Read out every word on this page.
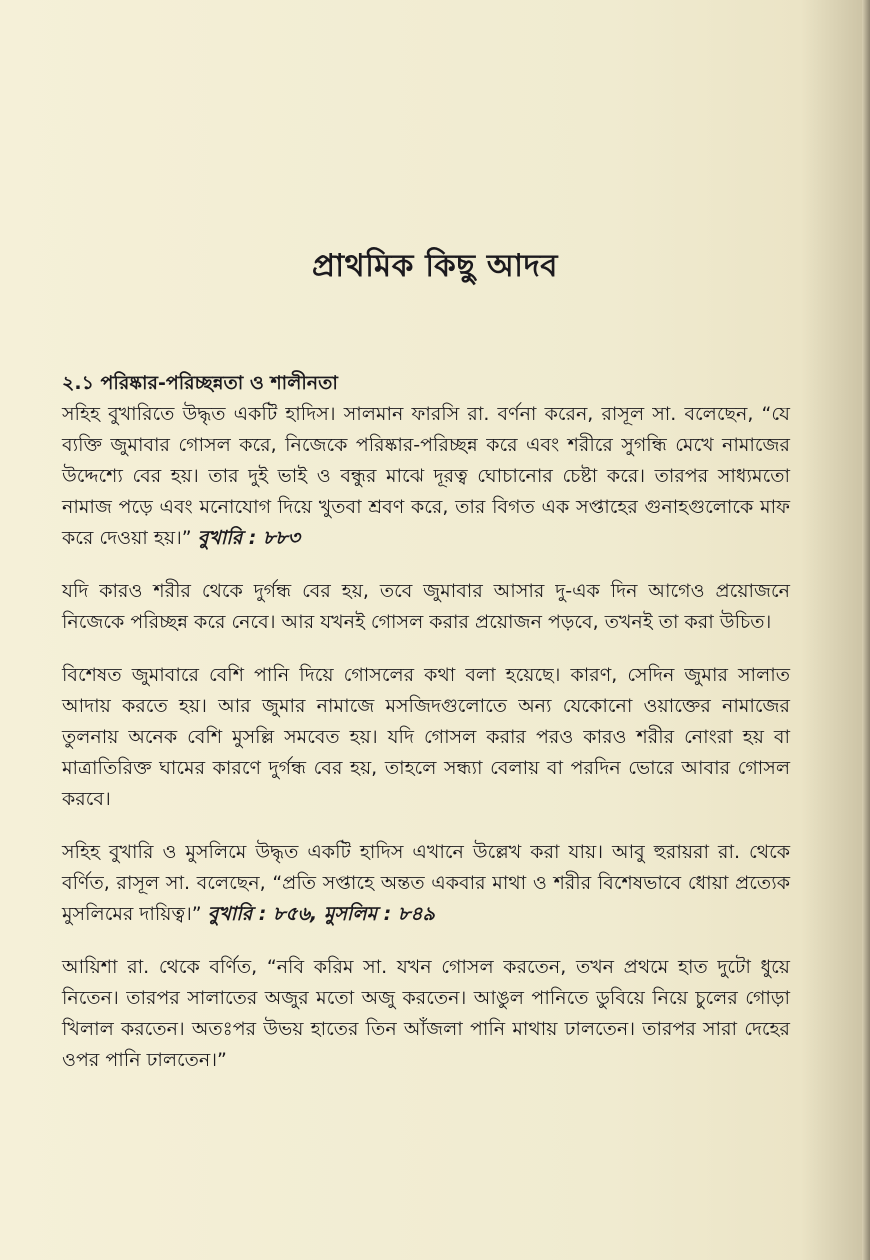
প্রাথমিক কিছু আদব

২.১ পরিষ্কার-পরিচ্ছন্নতা ও শালীনতা

সহিহ বুখারিতে উদ্ধৃত একটি হাদিস। সালমান ফারসি রা. বর্ণনা করেন, রাসূল সা. বলেছেন, “যে ব্যক্তি জুমাবার গোসল করে, নিজেকে পরিষ্কার-পরিচ্ছন্ন করে এবং শরীরে সুগন্ধি মেখে নামাজের উদ্দেশ্যে বের হয়। তার দুই ভাই ও বন্ধুর মাঝে দূরত্ব ঘোচানোর চেষ্টা করে। তারপর সাধ্যমতো নামাজ পড়ে এবং মনোযোগ দিয়ে খুতবা শ্রবণ করে, তার বিগত এক সপ্তাহের গুনাহগুলোকে মাফ করে দেওয়া হয়।” বুখারি : ৮৮৩

যদি কারও শরীর থেকে দুর্গন্ধ বের হয়, তবে জুমাবার আসার দু-এক দিন আগেও প্রয়োজনে নিজেকে পরিচ্ছন্ন করে নেবে। আর যখনই গোসল করার প্রয়োজন পড়বে, তখনই তা করা উচিত।

বিশেষত জুমাবারে বেশি পানি দিয়ে গোসলের কথা বলা হয়েছে। কারণ, সেদিন জুমার সালাত আদায় করতে হয়। আর জুমার নামাজে মসজিদগুলোতে অন্য যেকোনো ওয়াক্তের নামাজের তুলনায় অনেক বেশি মুসল্লি সমবেত হয়। যদি গোসল করার পরও কারও শরীর নোংরা হয় বা মাত্রাতিরিক্ত ঘামের কারণে দুর্গন্ধ বের হয়, তাহলে সন্ধ্যা বেলায় বা পরদিন ভোরে আবার গোসল করবে।

সহিহ বুখারি ও মুসলিমে উদ্ধৃত একটি হাদিস এখানে উল্লেখ করা যায়। আবু হুরায়রা রা. থেকে বর্ণিত, রাসূল সা. বলেছেন, “প্রতি সপ্তাহে অন্তত একবার মাথা ও শরীর বিশেষভাবে ধোয়া প্রত্যেক মুসলিমের দায়িত্ব।” বুখারি : ৮৫৬, মুসলিম : ৮৪৯

আয়িশা রা. থেকে বর্ণিত, “নবি করিম সা. যখন গোসল করতেন, তখন প্রথমে হাত দুটো ধুয়ে নিতেন। তারপর সালাতের অজুর মতো অজু করতেন। আঙুল পানিতে ডুবিয়ে নিয়ে চুলের গোড়া খিলাল করতেন। অতঃপর উভয় হাতের তিন আঁজলা পানি মাথায় ঢালতেন। তারপর সারা দেহের ওপর পানি ঢালতেন।”
